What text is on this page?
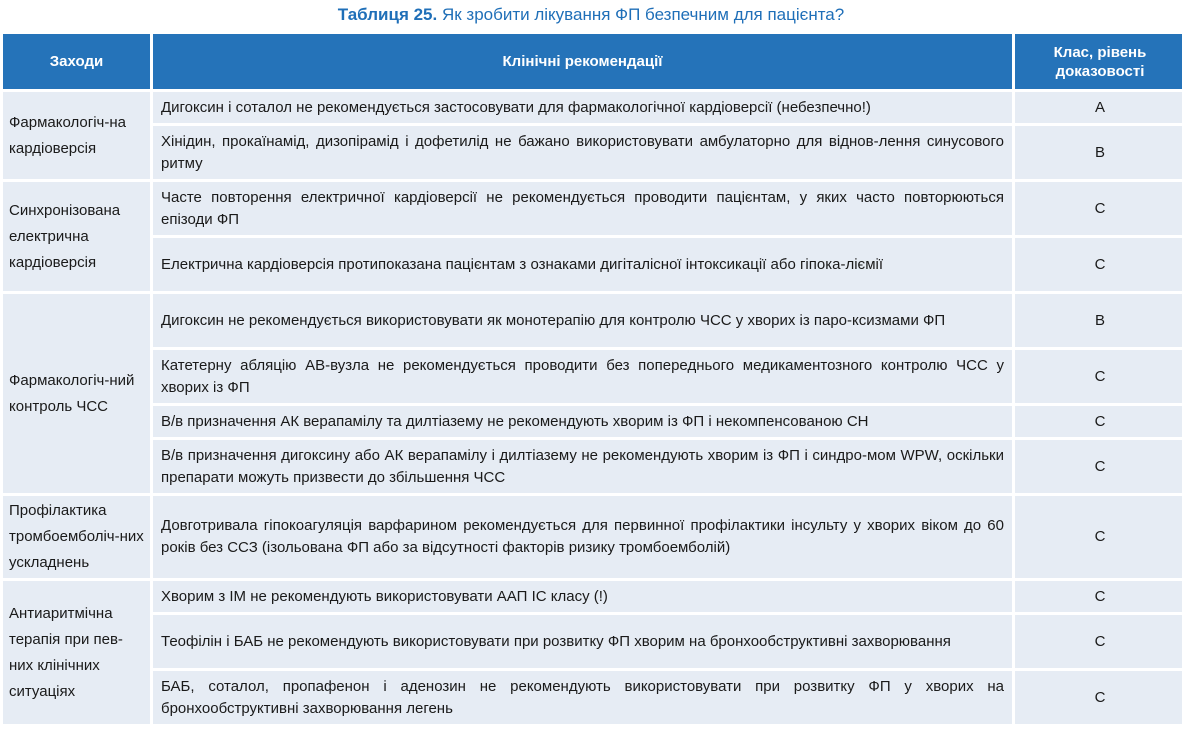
Таблиця 25. Як зробити лікування ФП безпечним для пацієнта?
Заходи	Клінічні рекомендації	Клас, рівень доказовості
Фармакологіч-на кардіоверсія	Дигоксин і соталол не рекомендується застосовувати для фармакологічної кардіоверсії (небезпечно!)	A
	Хінідин, прокаїнамід, дизопірамід і дофетилід не бажано використовувати амбулаторно для віднов-лення синусового ритму	B
Синхронізована електрична кардіоверсія	Часте повторення електричної кардіоверсії не рекомендується проводити пацієнтам, у яких часто повторюються епізоди ФП	C
	Електрична кардіоверсія протипоказана пацієнтам з ознаками дигіталісної інтоксикації або гіпока-ліємії	C
Фармакологіч-ний контроль ЧСС	Дигоксин не рекомендується використовувати як монотерапію для контролю ЧСС у хворих із паро-ксизмами ФП	B
	Катетерну абляцію АВ-вузла не рекомендується проводити без попереднього медикаментозного контролю ЧСС у хворих із ФП	C
	В/в призначення АК верапамілу та дилтіазему не рекомендують хворим із ФП і некомпенсованою СН	C
	В/в призначення дигоксину або АК верапамілу і дилтіазему не рекомендують хворим із ФП і синдро-мом WPW, оскільки препарати можуть призвести до збільшення ЧСС	C
Профілактика тромбоемболіч-них ускладнень	Довготривала гіпокоагуляція варфарином рекомендується для первинної профілактики інсульту у хворих віком до 60 років без ССЗ (ізольована ФП або за відсутності факторів ризику тромбоемболій)	C
Антиаритмічна терапія при пев-них клінічних ситуаціях	Хворим з ІМ не рекомендують використовувати ААП IC класу (!)	C
	Теофілін і БАБ не рекомендують використовувати при розвитку ФП хворим на бронхообструктивні захворювання	C
	БАБ, соталол, пропафенон і аденозин не рекомендують використовувати при розвитку ФП у хворих на бронхообструктивні захворювання легень	C
